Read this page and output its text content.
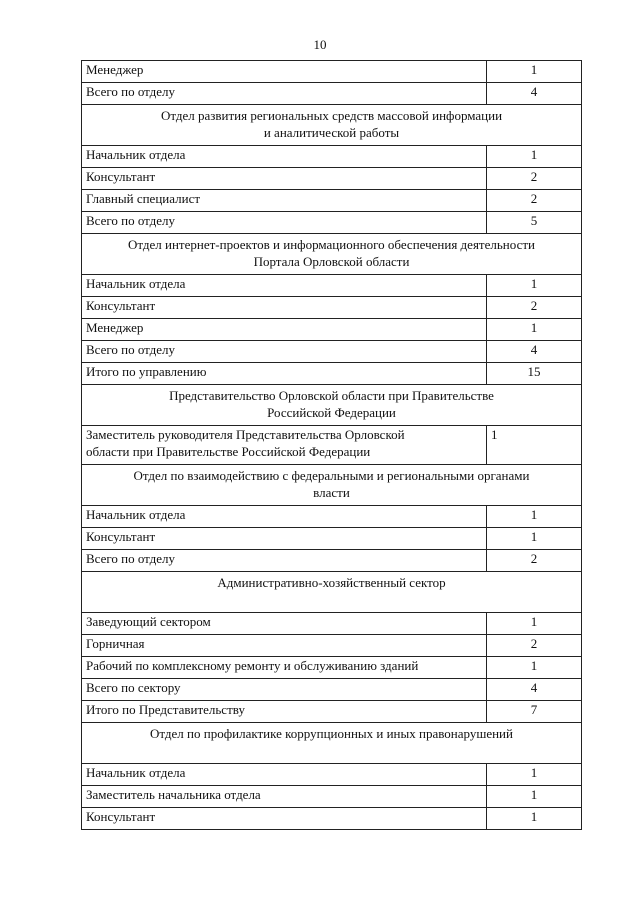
10
Менеджер	1
Всего по отделу	4

Отдел развития региональных средств массовой информации
и аналитической работы	

Начальник отдела	1
Консультант	2
Главный специалист	2
Всего по отделу	5

Отдел интернет-проектов и информационного обеспечения деятельности
Портала Орловской области	

Начальник отдела	1
Консультант	2
Менеджер	1
Всего по отделу	4
Итого по управлению	15

Представительство Орловской области при Правительстве
Российской Федерации	

Заместитель руководителя Представительства Орловской
области при Правительстве Российской Федерации	1

Отдел по взаимодействию с федеральными и региональными органами
власти	

Начальник отдела	1
Консультант	1
Всего по отделу	2

Административно-хозяйственный сектор	

Заведующий сектором	1
Горничная	2
Рабочий по комплексному ремонту и обслуживанию зданий	1
Всего по сектору	4
Итого по Представительству	7

Отдел по профилактике коррупционных и иных правонарушений	

Начальник отдела	1
Заместитель начальника отдела	1
Консультант	1
